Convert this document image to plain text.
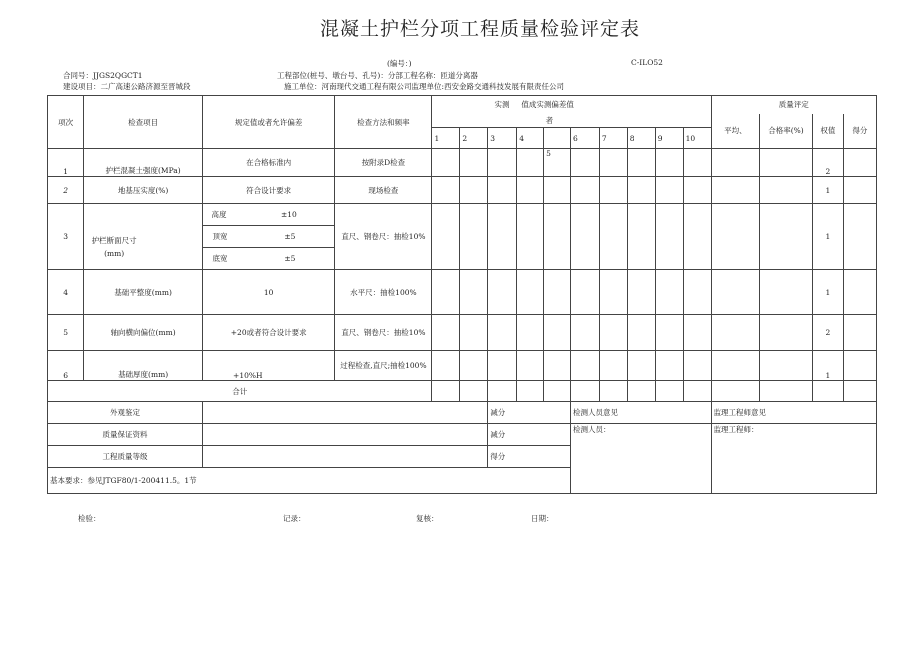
混凝土护栏分项工程质量检验评定表
(编号：)	C-ILO52
合同号：JJGS2QGCT1	工程部位(桩号、墩台号、孔号)：分部工程名称：匝道分离器
建设项目：二广高速公路济源至晋城段	施工单位：河南现代交通工程有限公司监理单位:西安金路交通科技发展有限责任公司
项次	检查项目	规定值或者允许偏差	检查方法和频率	实测 值成实测偏差值										质量评定			
								者						平均、	合格率(%)	权值	得分
				1	2	3	4		6	7	8	9	10				
1	护栏混凝土强度(MPa)	在合格标准内	按附录D检查					5								2	
2	地基压实度(%)	符合设计要求	现场检查													1	
3	护栏断面尺寸(mm)	高度 ±10	直尺、钢卷尺：抽检10%													1	
		顶宽 ±5															
		底宽 ±5															
4	基础平整度(mm)	10	水平尺：抽检100%													1	
5	轴向横向偏位(mm)	+20或者符合设计要求	直尺、钢卷尺：抽检10%													2	
6	基础厚度(mm)	+10%H	过程检查,直尺;抽检100%													1	
合计																	
外观鉴定						减分			检测人员意见					监理工程师意见			
质量保证资料						减分			检测人员：					监理工程师：			
工程质量等级						得分											
基本要求：参见JTGF80/1-200411.5。1节																	
检验：	记录：	复核：	日期：
